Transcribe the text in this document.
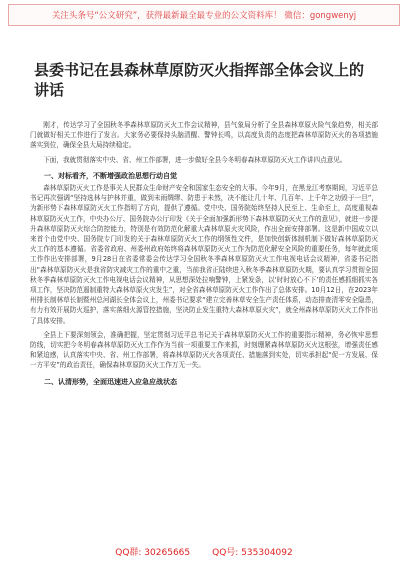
关注头条号“公文研究”，获得最新最全最专业的公文资料库！ 微信：gongwenyj
县委书记在县森林草原防灭火指挥部全体会议上的讲话

刚才，传达学习了全国秋冬季森林草原防灭火工作会议精神，县气象局分析了全县森林草原火险气象趋势，相关部门就做好相关工作进行了发言。大家务必要保持头脑清醒、警钟长鸣，以高度负责的态度把森林草原防灭火的各项措施落实到位，确保全县大局持续稳定。

下面，我就贯彻落实中央、省、州工作部署，进一步做好全县今冬明春森林草原防灭火工作讲四点意见。

一、对标看齐，不断增强政治思想行动自觉

森林草原防灭火工作是事关人民群众生命财产安全和国家生态安全的大事。今年9月，在黑龙江考察期间，习近平总书记再次强调“坚持选林与护林并重，做到未雨绸缪、防患于未然，决不能让几十年、几百年、上千年之功毁于一旦”，为新形势下森林草原防灭火工作指明了方向，提供了遵循。党中央、国务院始终坚持人民至上、生命至上，高度重视森林草原防灭火工作，中央办公厅、国务院办公厅印发《关于全面加强新形势下森林草原防灭火工作的意见》，就进一步提升森林草原防灭火综合防控能力，特别是有效防范化解重大森林草原火灾风险，作出全面安排部署。这是新中国成立以来首个由党中央、国务院专门印发的关于森林草原防灭火工作的纲领性文件，是加快创新体制机制下做好森林草原防灭火工作的基本遵循。省委省政府、州委州政府始终将森林草原防灭火工作为防范化解安全风险的重要任务，每年就此项工作作出安排部署，9月28日在省委常委会传达学习全国秋冬季森林草原防灭火工作电视电话会议精神，省委书记指出“森林草原防灭火是我省防灾减灾工作的重中之重，当前我省正陆续进入秋冬季森林草原防火期，要认真学习贯彻全国秋冬季森林草原防灭火工作电视电话会议精神，从思想深处拉响警钟，上紧发条，以‘时时放心不下’的责任感抓细抓实各项工作，坚决防范遏制重特大森林草原火灾发生”，对全省森林草原防灭火工作作出了总体安排。10月12日，在2023年州排长制林草长制暨州总河湖长全体会议上，州委书记要求“建立完善林草安全生产责任体系，动态排查清零安全隐患，有力有效开展防火巡护，落实落细火源管控措施，坚决防止发生重特大森林草原火灾”，就全州森林草原防灭火工作作出了具体安排。

全县上下要深刻领会，准确把握，坚定贯彻习近平总书记关于森林草原防灭火工作的重要指示精神，务必恢牢思想防线，切实把今冬明春森林草原防灭火工作作为当前一项重要工作来抓，时刻绷紧森林草原防灭火这根弦，增强责任感和紧迫感，认真落实中央、省、州工作部署，将森林草原防灭火各项责任、措施落到实处，切实承担起“促一方发展、保一方平安”的政治责任，确保森林草原防灭火工作万无一失。

二、认清形势，全面迅速进入应急应战状态
QQ群: 30265665 QQ号: 535304092
